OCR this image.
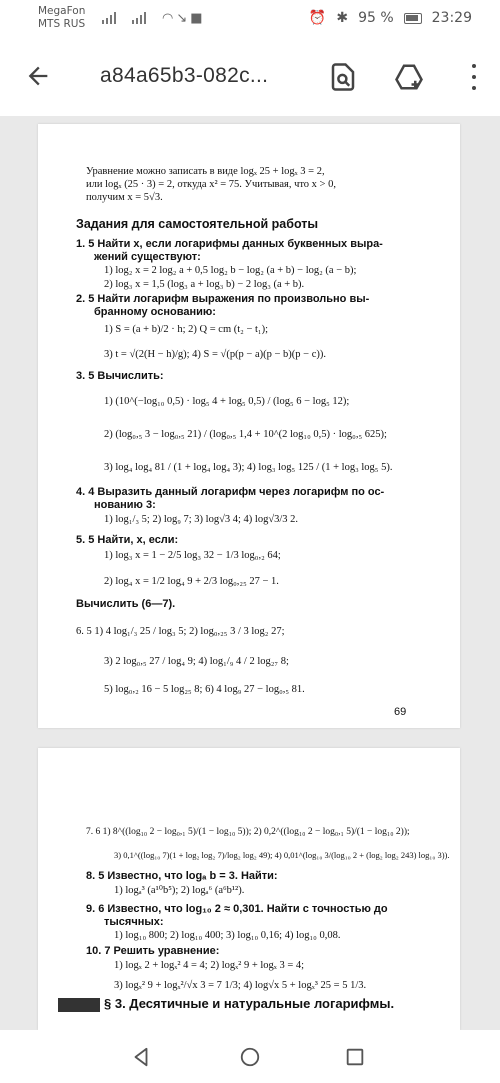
MegaFon
MTS RUS	◠↘■	⏰ ✱ 95 %	23:29
a84a65b3-082c...
Уравнение можно записать в виде logₓ 25 + logₓ 3 = 2,
или logₓ (25 · 3) = 2, откуда x² = 75. Учитывая, что x > 0,
получим x = 5√3.
Задания для самостоятельной работы
1. 5 Найти x, если логарифмы данных буквенных выра-
жений существуют:
1) log₂ x = 2 log₂ a + 0,5 log₂ b − log₂ (a + b) − log₂ (a − b);
2) log₃ x = 1,5 (log₃ a + log₃ b) − 2 log₃ (a + b).
2. 5 Найти логарифм выражения по произвольно вы-
бранному основанию:
1) S = (a + b)/2 · h; 2) Q = cm (t₂ − t₁);
3) t = √(2(H − h)/g); 4) S = √(p(p − a)(p − b)(p − c)).
3. 5 Вычислить:
1) (10^(−log₁₀ 0,5) · log₅ 4 + log₅ 0,5) / (log₅ 6 − log₅ 12);
2) (log₀,₅ 3 − log₀,₅ 21) / (log₀,₅ 1,4 + 10^(2 log₁₀ 0,5) · log₀,₅ 625);
3) log₄ log₄ 81 / (1 + log₄ log₄ 3); 4) log₃ log₅ 125 / (1 + log₃ log₅ 5).
4. 4 Выразить данный логарифм через логарифм по ос-
нованию 3:
1) log₁/₃ 5; 2) log₉ 7; 3) log√3 4; 4) log√3/3 2.
5. 5 Найти, x, если:
1) log₃ x = 1 − 2/5 log₃ 32 − 1/3 log₀,₂ 64;
2) log₄ x = 1/2 log₄ 9 + 2/3 log₀,₂₅ 27 − 1.
Вычислить (6—7).
6. 5 1) 4 log₁/₃ 25 / log₃ 5; 2) log₀,₂₅ 3 / 3 log₂ 27;
3) 2 log₀,₅ 27 / log₄ 9; 4) log₁/₉ 4 / 2 log₂₇ 8;
5) log₀,₂ 16 − 5 log₂₅ 8; 6) 4 log₉ 27 − log₀,₅ 81.
69
7. 6 1) 8^((log₁₀ 2 − log₀,₁ 5)/(1 − log₁₀ 5)); 2) 0,2^((log₁₀ 2 − log₀,₁ 5)/(1 − log₁₀ 2));
3) 0,1^((log₁₀ 7)(1 + log₂ log₂ 7)/log₂ log₂ 49); 4) 0,01^(log₁₀ 3/(log₁₀ 2 + (log₂ log₂ 243) log₁₀ 3)).
8. 5 Известно, что logₐ b = 3. Найти:
1) logₐ³ (a¹⁰b⁵); 2) logₐ⁶ (a⁶b¹²).
9. 6 Известно, что log₁₀ 2 ≈ 0,301. Найти с точностью до
тысячных:
1) log₁₀ 800; 2) log₁₀ 400; 3) log₁₀ 0,16; 4) log₁₀ 0,08.
10. 7 Решить уравнение:
1) logₓ 2 + logₓ² 4 = 4; 2) logₓ² 9 + logₓ 3 = 4;
3) logₓ² 9 + logₓ²/√x 3 = 7 1/3; 4) log√x 5 + logₓ³ 25 = 5 1/3.
§ 3. Десятичные и натуральные логарифмы.
